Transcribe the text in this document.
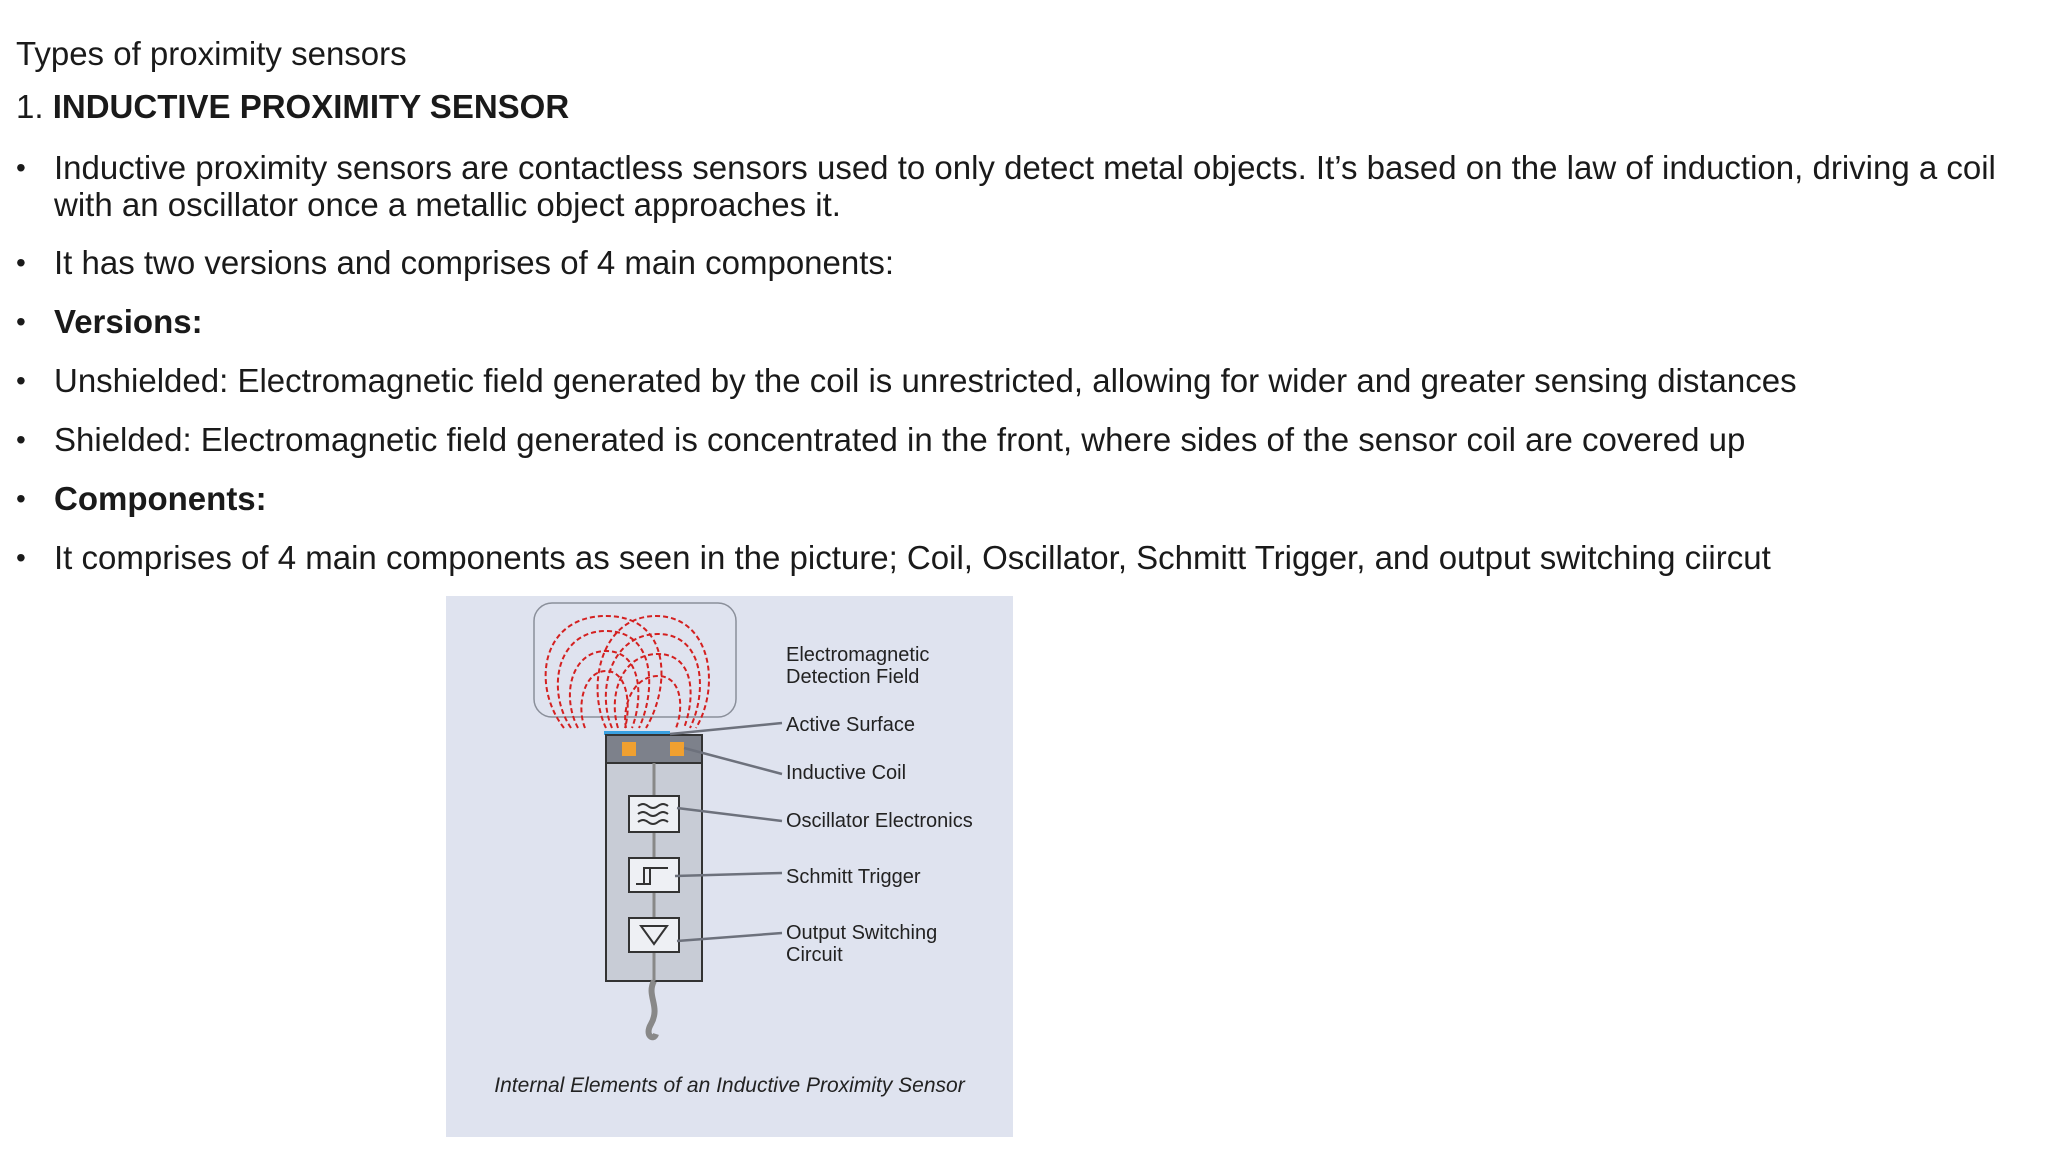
Types of proximity sensors
1. INDUCTIVE PROXIMITY SENSOR
• Inductive proximity sensors are contactless sensors used to only detect metal objects. It’s based on the law of induction, driving a coil with an oscillator once a metallic object approaches it.
• It has two versions and comprises of 4 main components:
• Versions:
• Unshielded: Electromagnetic field generated by the coil is unrestricted, allowing for wider and greater sensing distances
• Shielded: Electromagnetic field generated is concentrated in the front, where sides of the sensor coil are covered up
• Components:
• It comprises of 4 main components as seen in the picture; Coil, Oscillator, Schmitt Trigger, and output switching ciircut
Electromagnetic
Detection Field
Active Surface
Inductive Coil
Oscillator Electronics
Schmitt Trigger
Output Switching
Circuit
Internal Elements of an Inductive Proximity Sensor
